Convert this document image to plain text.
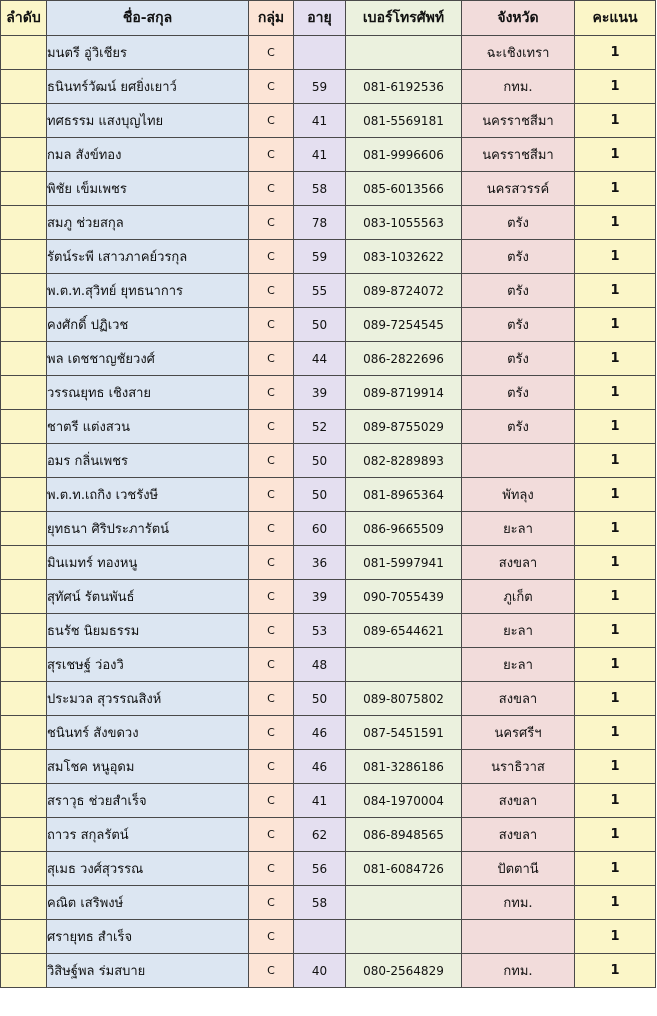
ลำดับ	ชื่อ-สกุล	กลุ่ม	อายุ	เบอร์โทรศัพท์	จังหวัด	คะแนน
	มนตรี อู่วิเชียร	C			ฉะเชิงเทรา	1
	ธนินทร์วัฒน์ ยศยิ่งเยาว์	C	59	081-6192536	กทม.	1
	ทศธรรม แสงบุญไทย	C	41	081-5569181	นครราชสีมา	1
	กมล สังข์ทอง	C	41	081-9996606	นครราชสีมา	1
	พิชัย เข็มเพชร	C	58	085-6013566	นครสวรรค์	1
	สมภู ช่วยสกุล	C	78	083-1055563	ตรัง	1
	รัตน์ระพี เสาวภาคย์วรกุล	C	59	083-1032622	ตรัง	1
	พ.ต.ท.สุวิทย์ ยุทธนาการ	C	55	089-8724072	ตรัง	1
	คงศักดิ์ ปฏิเวช	C	50	089-7254545	ตรัง	1
	พล เดชชาญชัยวงศ์	C	44	086-2822696	ตรัง	1
	วรรณยุทธ เชิงสาย	C	39	089-8719914	ตรัง	1
	ชาตรี แต่งสวน	C	52	089-8755029	ตรัง	1
	อมร กลิ่นเพชร	C	50	082-8289893		1
	พ.ต.ท.เถกิง เวชรังษี	C	50	081-8965364	พัทลุง	1
	ยุทธนา ศิริประภารัตน์	C	60	086-9665509	ยะลา	1
	มินเมทร์ ทองหนู	C	36	081-5997941	สงขลา	1
	สุทัศน์ รัตนพันธ์	C	39	090-7055439	ภูเก็ต	1
	ธนรัช นิยมธรรม	C	53	089-6544621	ยะลา	1
	สุรเชษฐ์ ว่องวิ	C	48		ยะลา	1
	ประมวล สุวรรณสิงห์	C	50	089-8075802	สงขลา	1
	ชนินทร์ สังขดวง	C	46	087-5451591	นครศรีฯ	1
	สมโชค หนูอุดม	C	46	081-3286186	นราธิวาส	1
	สราวุธ ช่วยสำเร็จ	C	41	084-1970004	สงขลา	1
	ถาวร สกุลรัตน์	C	62	086-8948565	สงขลา	1
	สุเมธ วงศ์สุวรรณ	C	56	081-6084726	ปัตตานี	1
	คณิต เสริพงษ์	C	58		กทม.	1
	ศรายุทธ สำเร็จ	C				1
	วิสิษฐ์พล ร่มสบาย	C	40	080-2564829	กทม.	1
